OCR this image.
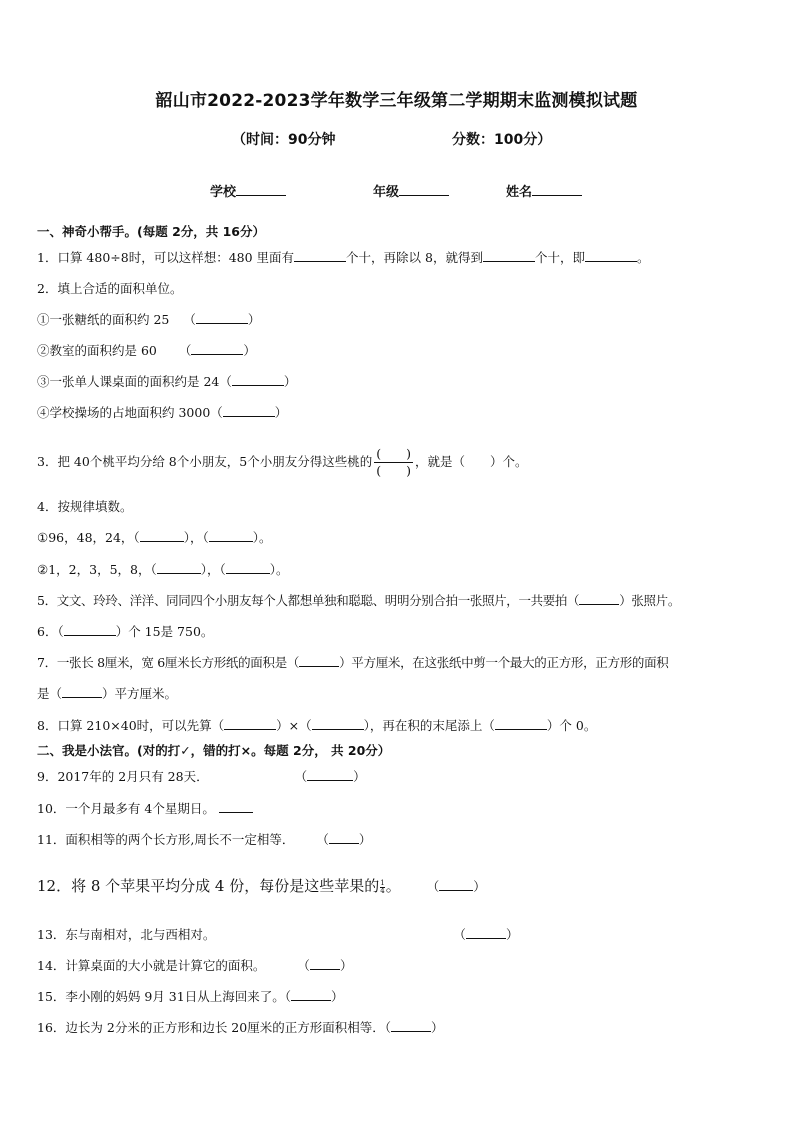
韶山市2022-2023学年数学三年级第二学期期末监测模拟试题
（时间：90分钟	分数：100分）
学校	年级	姓名
一、神奇小帮手。(每题 2分，共 16分）
1．口算 480÷8时，可以这样想：480 里面有	个十，再除以 8，就得到	个十，即	。
2．填上合适的面积单位。
①一张糖纸的面积约 25 （	）
②教室的面积约是 60 （	）
③一张单人课桌面的面积约是 24（	）
④学校操场的占地面积约 3000（	）
3．把 40个桃平均分给 8个小朋友，5个小朋友分得这些桃的 $\frac{( )}{( )}$ ，就是（　　）个。
4．按规律填数。
①96，48，24，（	），（	）。
②1，2，3，5，8，（	），（	）。
5．文文、玲玲、洋洋、同同四个小朋友每个人都想单独和聪聪、明明分别合拍一张照片，一共要拍（	）张照片。
6．（	）个 15是 750。
7．一张长 8厘米，宽 6厘米长方形纸的面积是（	）平方厘米，在这张纸中剪一个最大的正方形，正方形的面积
是（	）平方厘米。
8．口算 210×40时，可以先算（	）×（	），再在积的末尾添上（	）个 0。
二、我是小法官。(对的打✓，错的打×。每题 2分， 共 20分）
9．2017年的 2月只有 28天．	（	）
10．一个月最多有 4个星期日。
11．面积相等的两个长方形,周长不一定相等． （ ）
12．将 8 个苹果平均分成 4 份，每份是这些苹果的 $\frac{1}{4}$ 。 （	）
13．东与南相对，北与西相对。	（	）
14．计算桌面的大小就是计算它的面积。	（ ）
15．李小刚的妈妈 9月 31日从上海回来了。（	）
16．边长为 2分米的正方形和边长 20厘米的正方形面积相等．（	）
